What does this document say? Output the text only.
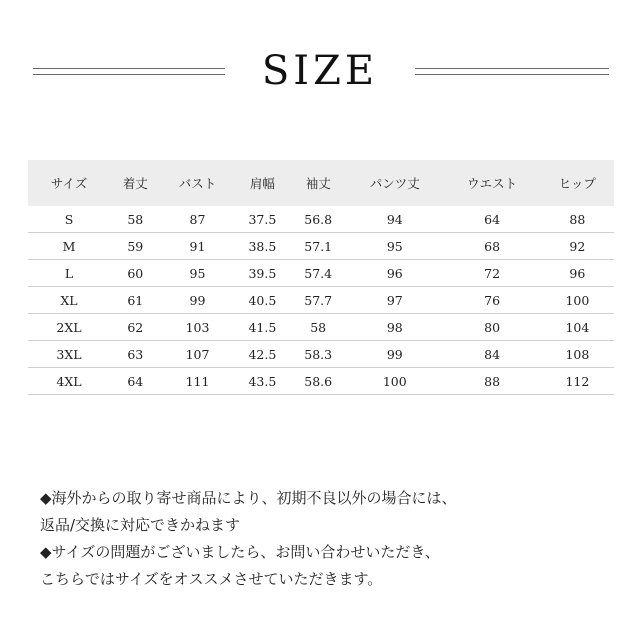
SIZE
サイズ	着丈	バスト	肩幅	袖丈	パンツ丈	ウエスト	ヒップ
S	58	87	37.5	56.8	94	64	88
M	59	91	38.5	57.1	95	68	92
L	60	95	39.5	57.4	96	72	96
XL	61	99	40.5	57.7	97	76	100
2XL	62	103	41.5	58	98	80	104
3XL	63	107	42.5	58.3	99	84	108
4XL	64	111	43.5	58.6	100	88	112

◆海外からの取り寄せ商品により、初期不良以外の場合には、

返品/交換に対応できかねます

◆サイズの問題がございましたら、お問い合わせいただき、

こちらではサイズをオススメさせていただきます。
